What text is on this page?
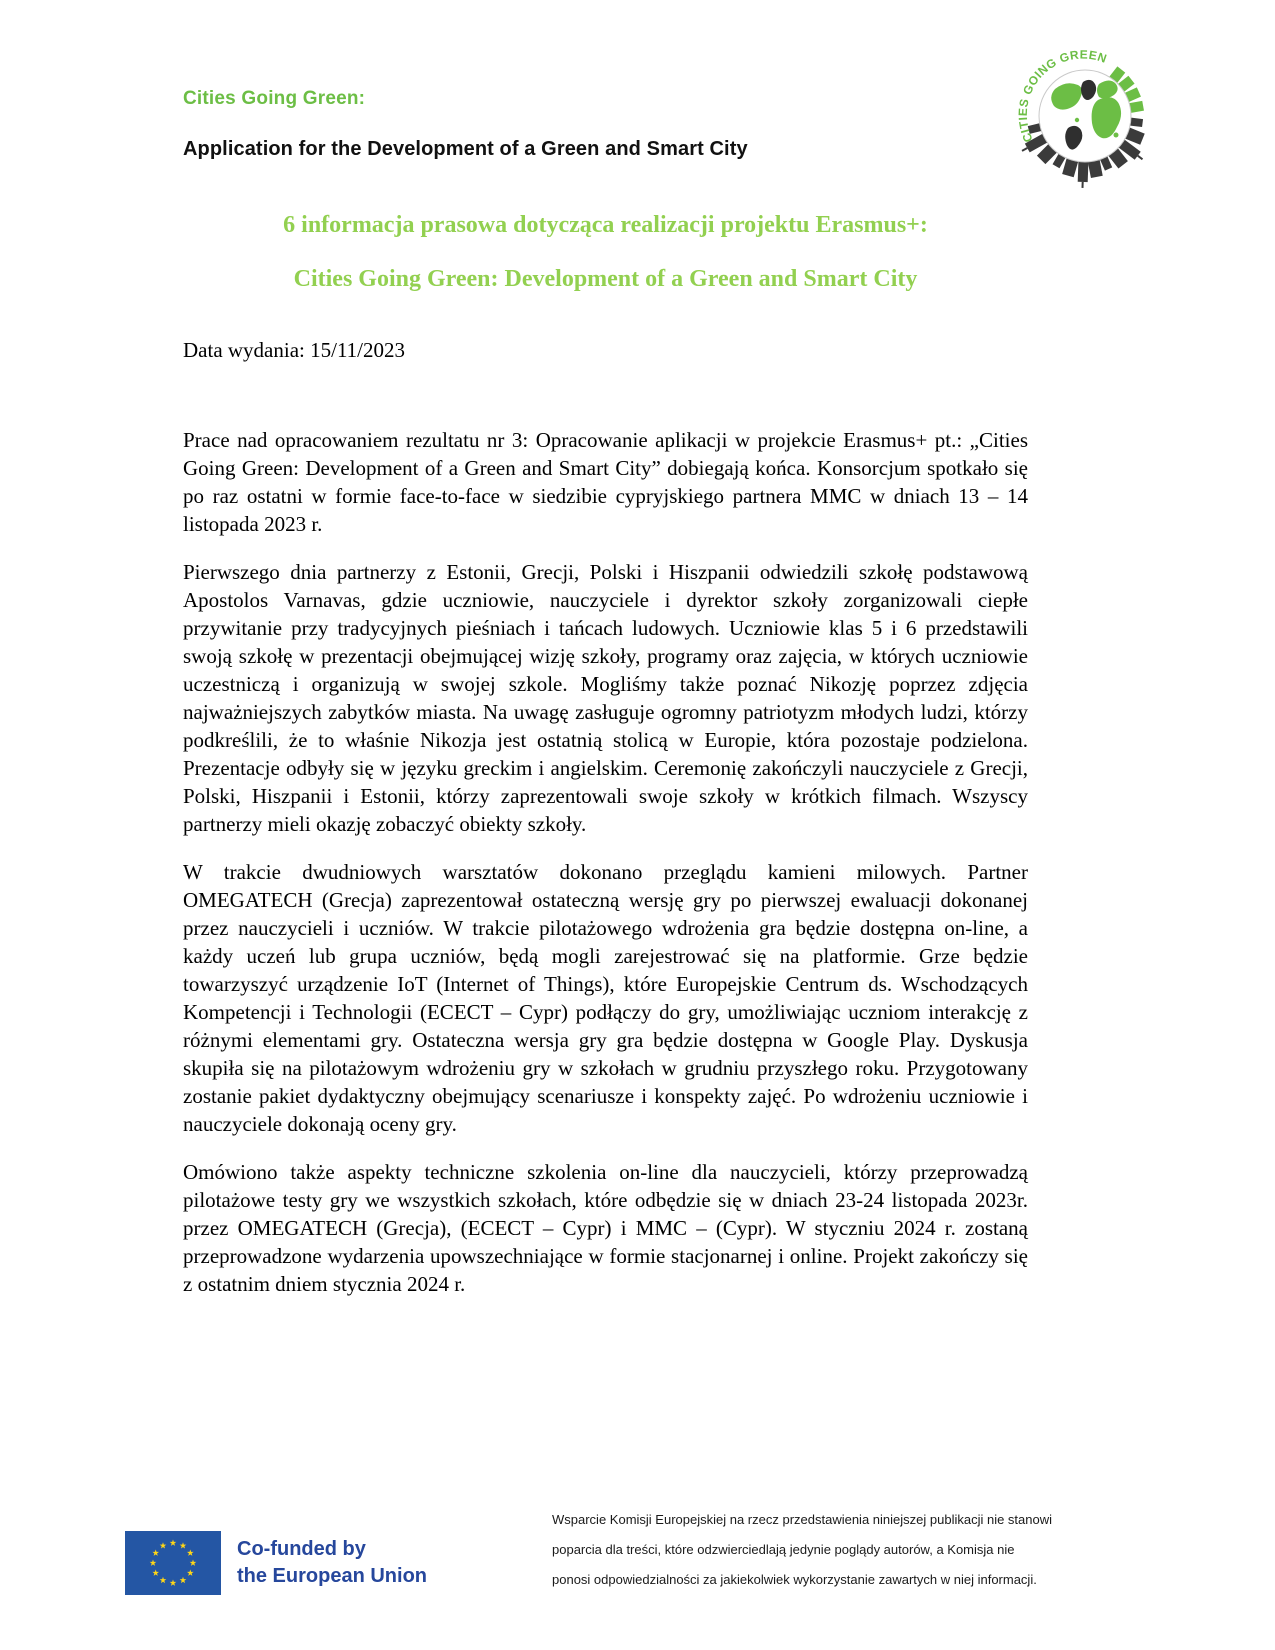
Cities Going Green:
Application for the Development of a Green and Smart City
CITIES GOING GREEN
6 informacja prasowa dotycząca realizacji projektu Erasmus+:
Cities Going Green: Development of a Green and Smart City
Data wydania: 15/11/2023

Prace nad opracowaniem rezultatu nr 3: Opracowanie aplikacji w projekcie Erasmus+ pt.: „Cities Going Green: Development of a Green and Smart City” dobiegają końca. Konsorcjum spotkało się po raz ostatni w formie face-to-face w siedzibie cypryjskiego partnera MMC w dniach 13 – 14 listopada 2023 r.

Pierwszego dnia partnerzy z Estonii, Grecji, Polski i Hiszpanii odwiedzili szkołę podstawową Apostolos Varnavas, gdzie uczniowie, nauczyciele i dyrektor szkoły zorganizowali ciepłe przywitanie przy tradycyjnych pieśniach i tańcach ludowych. Uczniowie klas 5 i 6 przedstawili swoją szkołę w prezentacji obejmującej wizję szkoły, programy oraz zajęcia, w których uczniowie uczestniczą i organizują w swojej szkole. Mogliśmy także poznać Nikozję poprzez zdjęcia najważniejszych zabytków miasta. Na uwagę zasługuje ogromny patriotyzm młodych ludzi, którzy podkreślili, że to właśnie Nikozja jest ostatnią stolicą w Europie, która pozostaje podzielona. Prezentacje odbyły się w języku greckim i angielskim. Ceremonię zakończyli nauczyciele z Grecji, Polski, Hiszpanii i Estonii, którzy zaprezentowali swoje szkoły w krótkich filmach. Wszyscy partnerzy mieli okazję zobaczyć obiekty szkoły.

W trakcie dwudniowych warsztatów dokonano przeglądu kamieni milowych. Partner OMEGATECH (Grecja) zaprezentował ostateczną wersję gry po pierwszej ewaluacji dokonanej przez nauczycieli i uczniów. W trakcie pilotażowego wdrożenia gra będzie dostępna on-line, a każdy uczeń lub grupa uczniów, będą mogli zarejestrować się na platformie. Grze będzie towarzyszyć urządzenie IoT (Internet of Things), które Europejskie Centrum ds. Wschodzących Kompetencji i Technologii (ECECT – Cypr) podłączy do gry, umożliwiając uczniom interakcję z różnymi elementami gry. Ostateczna wersja gry gra będzie dostępna w Google Play. Dyskusja skupiła się na pilotażowym wdrożeniu gry w szkołach w grudniu przyszłego roku. Przygotowany zostanie pakiet dydaktyczny obejmujący scenariusze i konspekty zajęć. Po wdrożeniu uczniowie i nauczyciele dokonają oceny gry.

Omówiono także aspekty techniczne szkolenia on-line dla nauczycieli, którzy przeprowadzą pilotażowe testy gry we wszystkich szkołach, które odbędzie się w dniach 23-24 listopada 2023r. przez OMEGATECH (Grecja), (ECECT – Cypr) i MMC – (Cypr). W styczniu 2024 r. zostaną przeprowadzone wydarzenia upowszechniające w formie stacjonarnej i online. Projekt zakończy się z ostatnim dniem stycznia 2024 r.

Co-funded by
the European Union
Wsparcie Komisji Europejskiej na rzecz przedstawienia niniejszej publikacji nie stanowi poparcia dla treści, które odzwierciedlają jedynie poglądy autorów, a Komisja nie ponosi odpowiedzialności za jakiekolwiek wykorzystanie zawartych w niej informacji.
